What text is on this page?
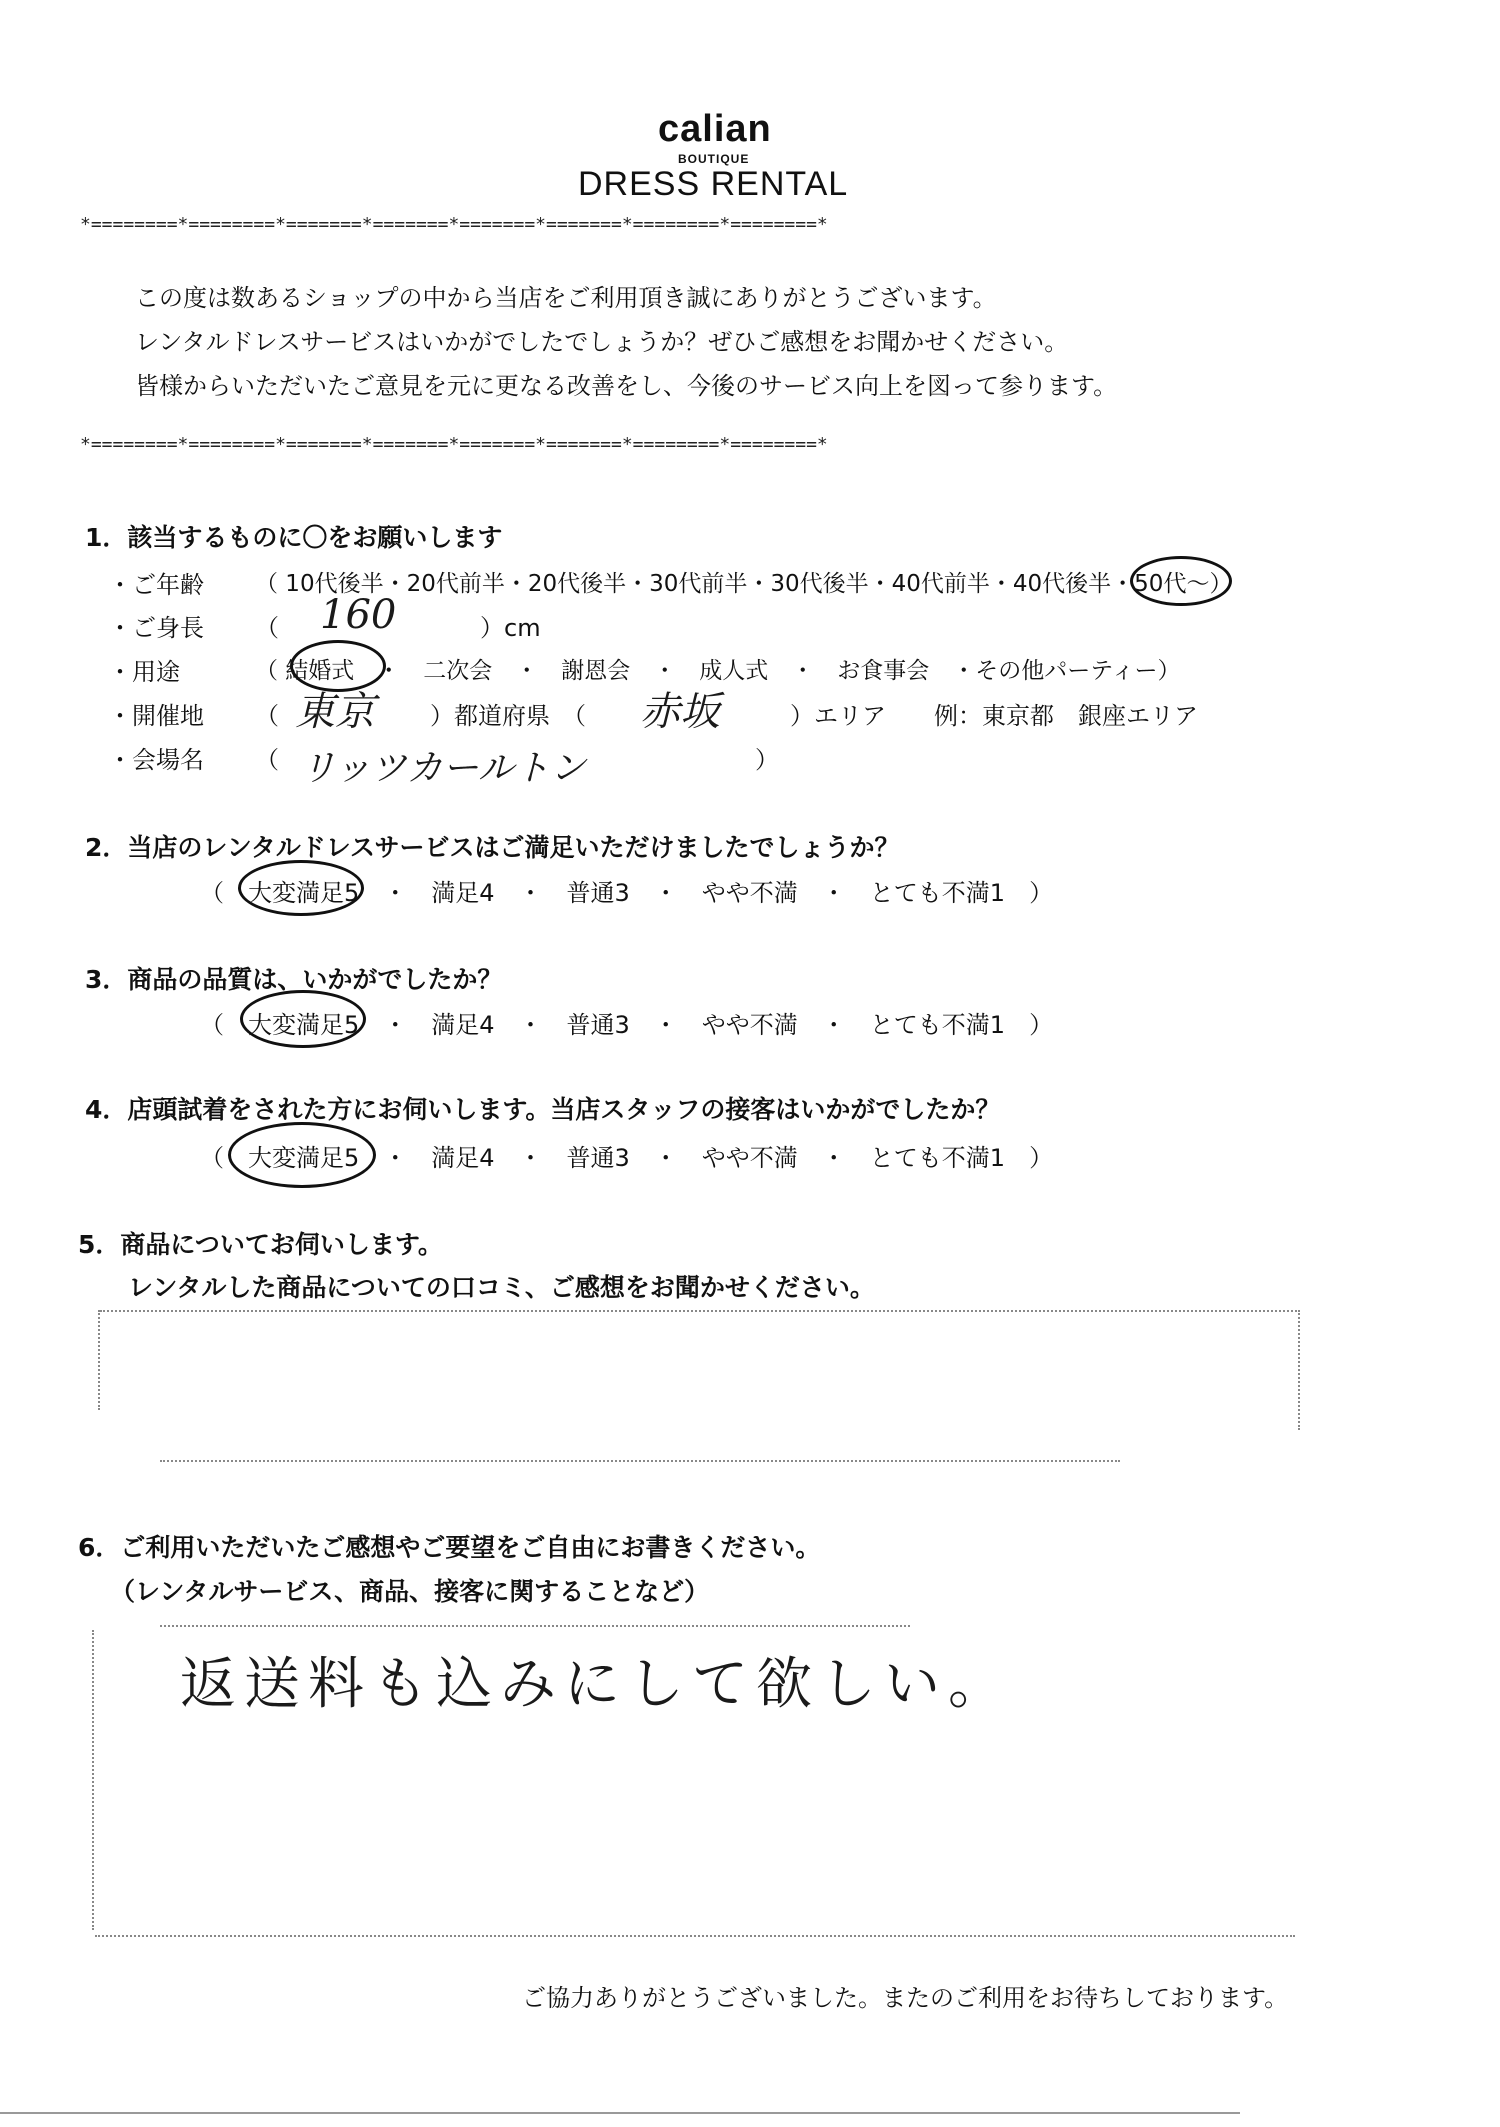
calian
BOUTIQUE
DRESS RENTAL
*========*========*=======*=======*=======*=======*========*========*
この度は数あるショップの中から当店をご利用頂き誠にありがとうございます。
レンタルドレスサービスはいかがでしたでしょうか？ぜひご感想をお聞かせください。
皆様からいただいたご意見を元に更なる改善をし、今後のサービス向上を図って参ります。
*========*========*=======*=======*=======*=======*========*========*
1．該当するものに〇をお願いします
・ご年齢 （ 10代後半・20代前半・20代後半・30代前半・30代後半・40代前半・40代後半・50代～）
・ご身長 （ 160	）cm
・用途	（ 結婚式　・　二次会　・　謝恩会　・　成人式　・　お食事会　・その他パーティー）
・開催地 （ 東京 ）都道府県　（ 赤坂	）エリア　　例：東京都　銀座エリア
・会場名 （ リッツカールトン	）
2．当店のレンタルドレスサービスはご満足いただけましたでしょうか？
（　大変満足5　・　満足4　・　普通3　・　やや不満　・　とても不満1　）
3．商品の品質は、いかがでしたか？
（　大変満足5　・　満足4　・　普通3　・　やや不満　・　とても不満1　）
4．店頭試着をされた方にお伺いします。当店スタッフの接客はいかがでしたか？
（　大変満足5　・　満足4　・　普通3　・　やや不満　・　とても不満1　）
5．商品についてお伺いします。
レンタルした商品についての口コミ、ご感想をお聞かせください。
6．ご利用いただいたご感想やご要望をご自由にお書きください。
（レンタルサービス、商品、接客に関することなど）
返送料も込みにして欲しい。
ご協力ありがとうございました。またのご利用をお待ちしております。
